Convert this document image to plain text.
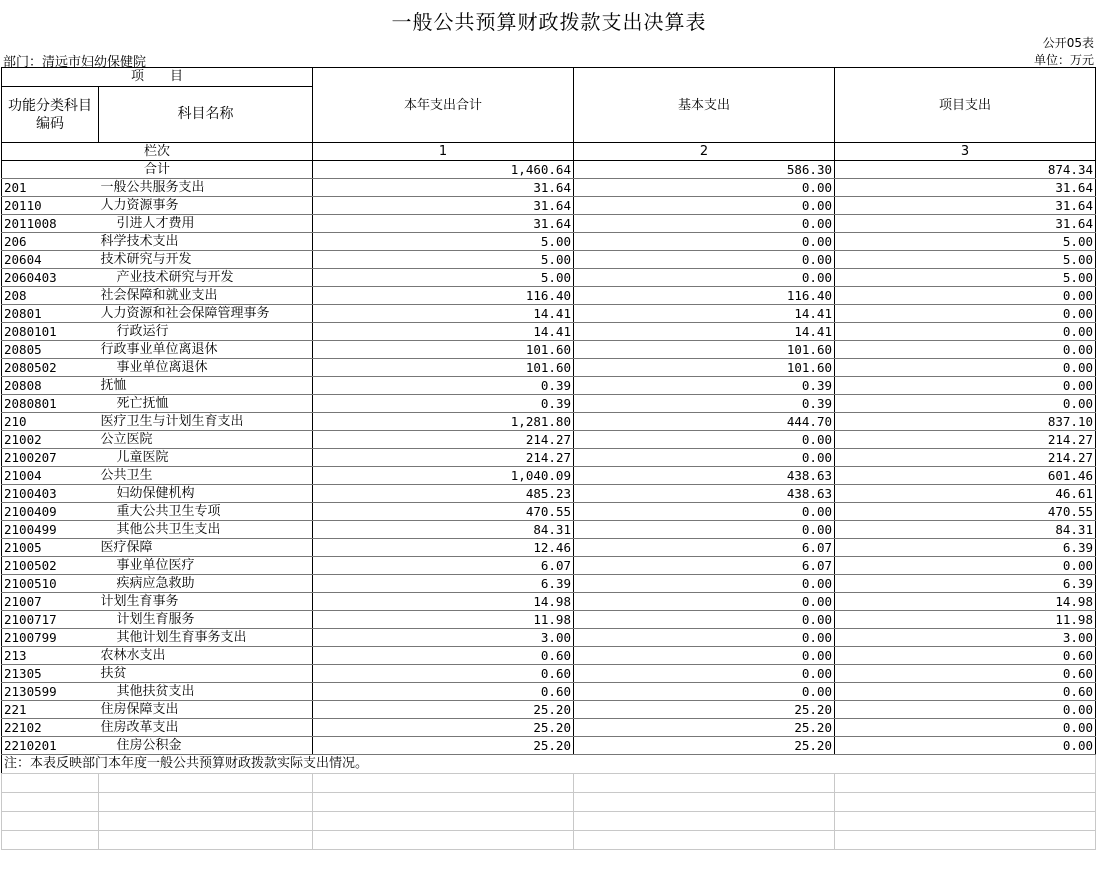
一般公共预算财政拨款支出决算表
公开05表
部门：清远市妇幼保健院	单位：万元
项　　目		本年支出合计	基本支出	项目支出
功能分类科目编码	科目名称			
栏次		1	2	3
合计		1,460.64	586.30	874.34
201	一般公共服务支出	31.64	0.00	31.64
20110	人力资源事务	31.64	0.00	31.64
2011008	引进人才费用	31.64	0.00	31.64
206	科学技术支出	5.00	0.00	5.00
20604	技术研究与开发	5.00	0.00	5.00
2060403	产业技术研究与开发	5.00	0.00	5.00
208	社会保障和就业支出	116.40	116.40	0.00
20801	人力资源和社会保障管理事务	14.41	14.41	0.00
2080101	行政运行	14.41	14.41	0.00
20805	行政事业单位离退休	101.60	101.60	0.00
2080502	事业单位离退休	101.60	101.60	0.00
20808	抚恤	0.39	0.39	0.00
2080801	死亡抚恤	0.39	0.39	0.00
210	医疗卫生与计划生育支出	1,281.80	444.70	837.10
21002	公立医院	214.27	0.00	214.27
2100207	儿童医院	214.27	0.00	214.27
21004	公共卫生	1,040.09	438.63	601.46
2100403	妇幼保健机构	485.23	438.63	46.61
2100409	重大公共卫生专项	470.55	0.00	470.55
2100499	其他公共卫生支出	84.31	0.00	84.31
21005	医疗保障	12.46	6.07	6.39
2100502	事业单位医疗	6.07	6.07	0.00
2100510	疾病应急救助	6.39	0.00	6.39
21007	计划生育事务	14.98	0.00	14.98
2100717	计划生育服务	11.98	0.00	11.98
2100799	其他计划生育事务支出	3.00	0.00	3.00
213	农林水支出	0.60	0.00	0.60
21305	扶贫	0.60	0.00	0.60
2130599	其他扶贫支出	0.60	0.00	0.60
221	住房保障支出	25.20	25.20	0.00
22102	住房改革支出	25.20	25.20	0.00
2210201	住房公积金	25.20	25.20	0.00
注：本表反映部门本年度一般公共预算财政拨款实际支出情况。				
